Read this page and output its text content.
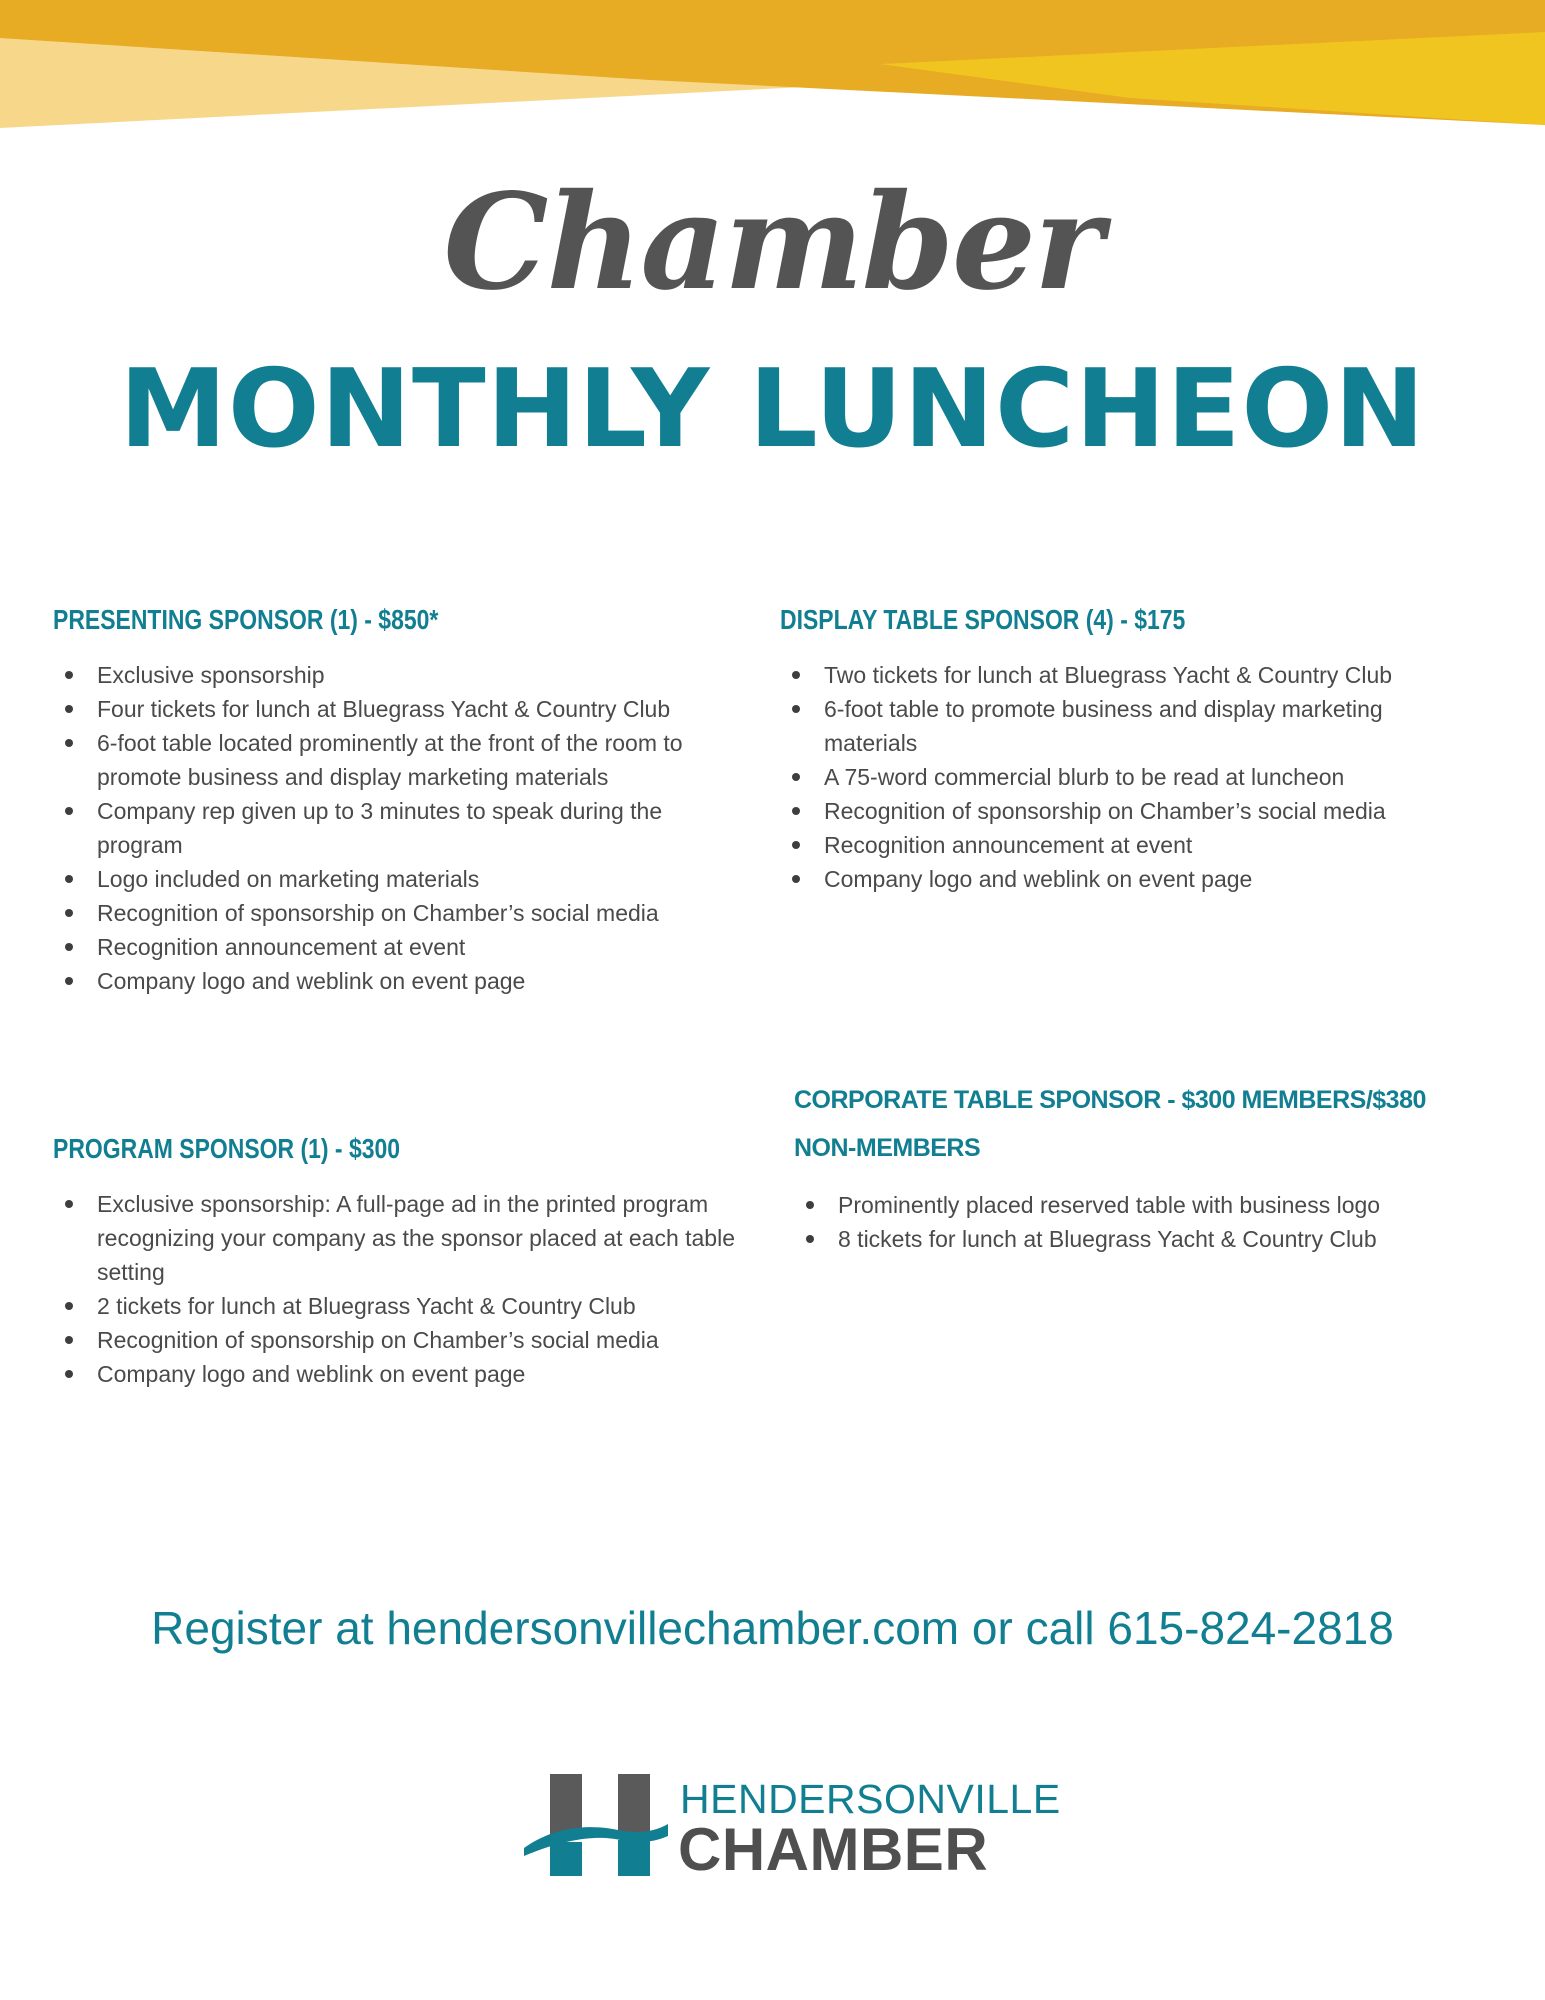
Chamber
MONTHLY LUNCHEON
PRESENTING SPONSOR (1) - $850*
Exclusive sponsorship
Four tickets for lunch at Bluegrass Yacht & Country Club
6-foot table located prominently at the front of the room to promote business and display marketing materials
Company rep given up to 3 minutes to speak during the program
Logo included on marketing materials
Recognition of sponsorship on Chamber’s social media
Recognition announcement at event
Company logo and weblink on event page
DISPLAY TABLE SPONSOR (4) - $175
Two tickets for lunch at Bluegrass Yacht & Country Club
6-foot table to promote business and display marketing materials
A 75-word commercial blurb to be read at luncheon
Recognition of sponsorship on Chamber’s social media
Recognition announcement at event
Company logo and weblink on event page
PROGRAM SPONSOR (1) - $300
Exclusive sponsorship: A full-page ad in the printed program recognizing your company as the sponsor placed at each table setting
2 tickets for lunch at Bluegrass Yacht & Country Club
Recognition of sponsorship on Chamber’s social media
Company logo and weblink on event page
CORPORATE TABLE SPONSOR - $300 MEMBERS/$380 NON-MEMBERS
Prominently placed reserved table with business logo
8 tickets for lunch at Bluegrass Yacht & Country Club
Register at hendersonvillechamber.com or call 615-824-2818
HENDERSONVILLE
CHAMBER
